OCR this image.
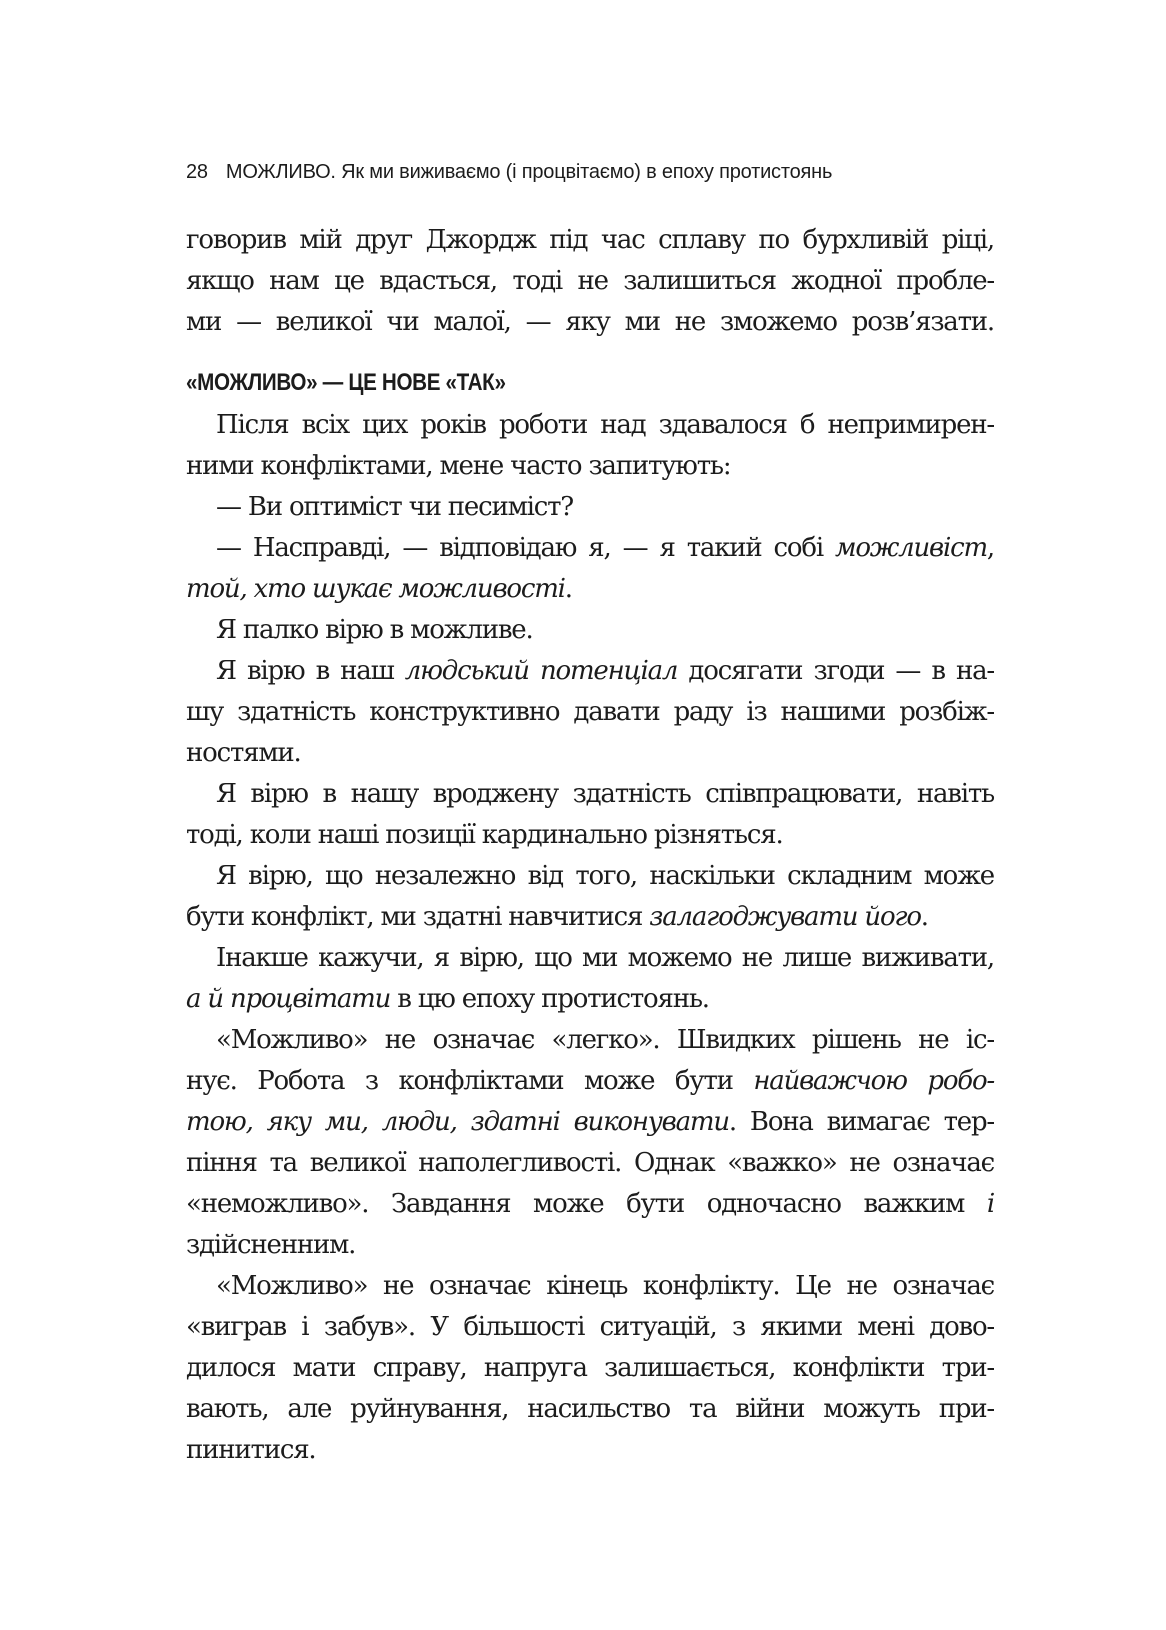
28 МОЖЛИВО. Як ми виживаємо (і процвітаємо) в епоху протистоянь
говорив мій друг Джордж під час сплаву по бурхливій ріці,
якщо нам це вдасться, тоді не залишиться жодної пробле-
ми — великої чи малої, — яку ми не зможемо розв’язати.
«МОЖЛИВО» — ЦЕ НОВЕ «ТАК»
Після всіх цих років роботи над здавалося б непримирен-
ними конфліктами, мене часто запитують:
— Ви оптиміст чи песиміст?
— Насправді, — відповідаю я, — я такий собі можливіст,
той, хто шукає можливості.
Я палко вірю в можливе.
Я вірю в наш людський потенціал досягати згоди — в на-
шу здатність конструктивно давати раду із нашими розбіж-
ностями.
Я вірю в нашу вроджену здатність співпрацювати, навіть
тоді, коли наші позиції кардинально різняться.
Я вірю, що незалежно від того, наскільки складним може
бути конфлікт, ми здатні навчитися залагоджувати його.
Інакше кажучи, я вірю, що ми можемо не лише виживати,
а й процвітати в цю епоху протистоянь.
«Можливо» не означає «легко». Швидких рішень не іс-
нує. Робота з конфліктами може бути найважчою робо-
тою, яку ми, люди, здатні виконувати. Вона вимагає тер-
піння та великої наполегливості. Однак «важко» не означає
«неможливо». Завдання може бути одночасно важким і
здійсненним.
«Можливо» не означає кінець конфлікту. Це не означає
«виграв і забув». У більшості ситуацій, з якими мені дово-
дилося мати справу, напруга залишається, конфлікти три-
вають, але руйнування, насильство та війни можуть при-
пинитися.
